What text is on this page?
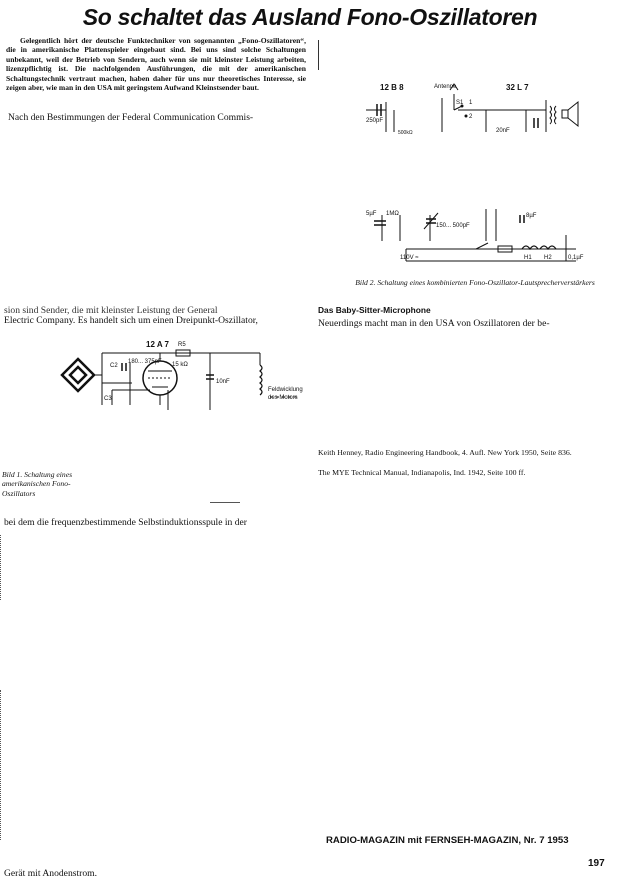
So schaltet das Ausland Fono-Oszillatoren
Gelegentlich hört der deutsche Funktechniker von sogenannten „Fono-Oszillatoren“, die in amerikanische Plattenspieler eingebaut sind. Bei uns sind solche Schaltungen unbekannt, weil der Betrieb von Sendern, auch wenn sie mit kleinster Leistung arbeiten, lizenzpflichtig ist. Die nachfolgenden Ausführungen, die mit der amerikanischen Schaltungstechnik vertraut machen, haben daher für uns nur theoretisches Interesse, sie zeigen aber, wie man in den USA mit geringstem Aufwand Kleinstsender baut.
Nach den Bestimmungen der Federal Communication Commis-
sion sind Sender, die mit kleinster Leistung der General
Electric Company. Es handelt sich um einen Dreipunkt-Oszillator,
12 A 7 R5
15 kΩ
C2
180... 375pF
C3
10nF
Feldwicklung
des Motors
Bild 1. Schaltung eines amerikanischen Fono-Oszillators
bei dem die frequenzbestimmende Selbstinduktionsspule in der
Gerät mit Anodenstrom.
12 B 8	32 L 7
Antenne
S1 1
2
250pF
500kΩ	20nF
5µF 1MΩ
150... 500pF
8µF
110V ≈	H1 H2	0,1µF
Bild 2. Schaltung eines kombinierten Fono-Oszillator-Lautsprecherverstärkers
Das Baby-Sitter-Microphone
Neuerdings macht man in den USA von Oszillatoren der be-
Keith Henney, Radio Engineering Handbook, 4. Aufl. New York 1950, Seite 836.
The MYE Technical Manual, Indianapolis, Ind. 1942, Seite 100 ff.
RADIO-MAGAZIN mit FERNSEH-MAGAZIN, Nr. 7 1953
197
